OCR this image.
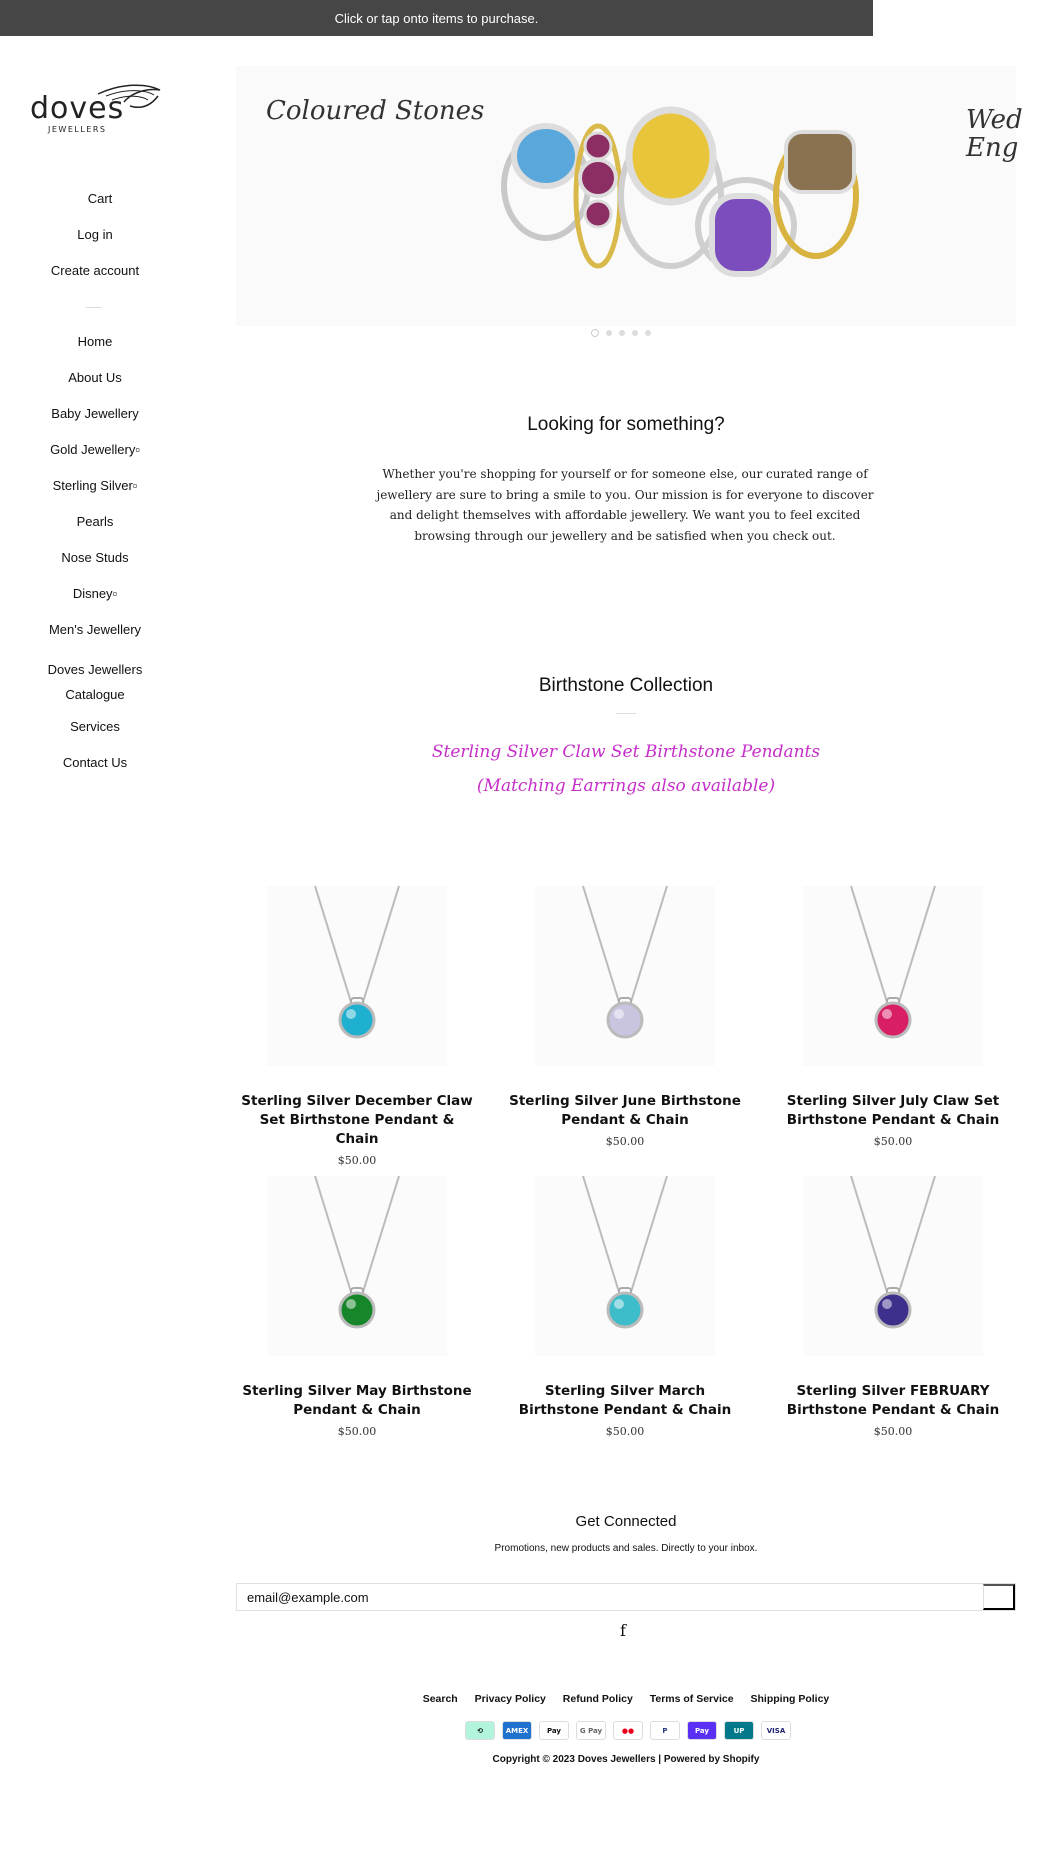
Click or tap onto items to purchase.
doves
JEWELLERS
Cart
Log in
Create account
Home
About Us
Baby Jewellery
Gold Jewellery▫
Sterling Silver▫
Pearls
Nose Studs
Disney▫
Men's Jewellery
Doves Jewellers Catalogue
Services
Contact Us
Coloured Stones	Wed
Eng
Looking for something?
Whether you're shopping for yourself or for someone else, our curated range of jewellery are sure to bring a smile to you. Our mission is for everyone to discover and delight themselves with affordable jewellery. We want you to feel excited browsing through our jewellery and be satisfied when you check out.
Birthstone Collection
Sterling Silver Claw Set Birthstone Pendants
(Matching Earrings also available)
Sterling Silver December Claw Set Birthstone Pendant & Chain
$50.00
Sterling Silver June Birthstone Pendant & Chain
$50.00
Sterling Silver July Claw Set Birthstone Pendant & Chain
$50.00
Sterling Silver May Birthstone Pendant & Chain
$50.00
Sterling Silver March Birthstone Pendant & Chain
$50.00
Sterling Silver FEBRUARY Birthstone Pendant & Chain
$50.00
Get Connected
Promotions, new products and sales. Directly to your inbox.
email@example.com
f
Search Privacy Policy Refund Policy Terms of Service Shipping Policy
⟲	AMEX	Pay	G Pay	●●	P	Pay	UP	VISA
Copyright © 2023 Doves Jewellers | Powered by Shopify
